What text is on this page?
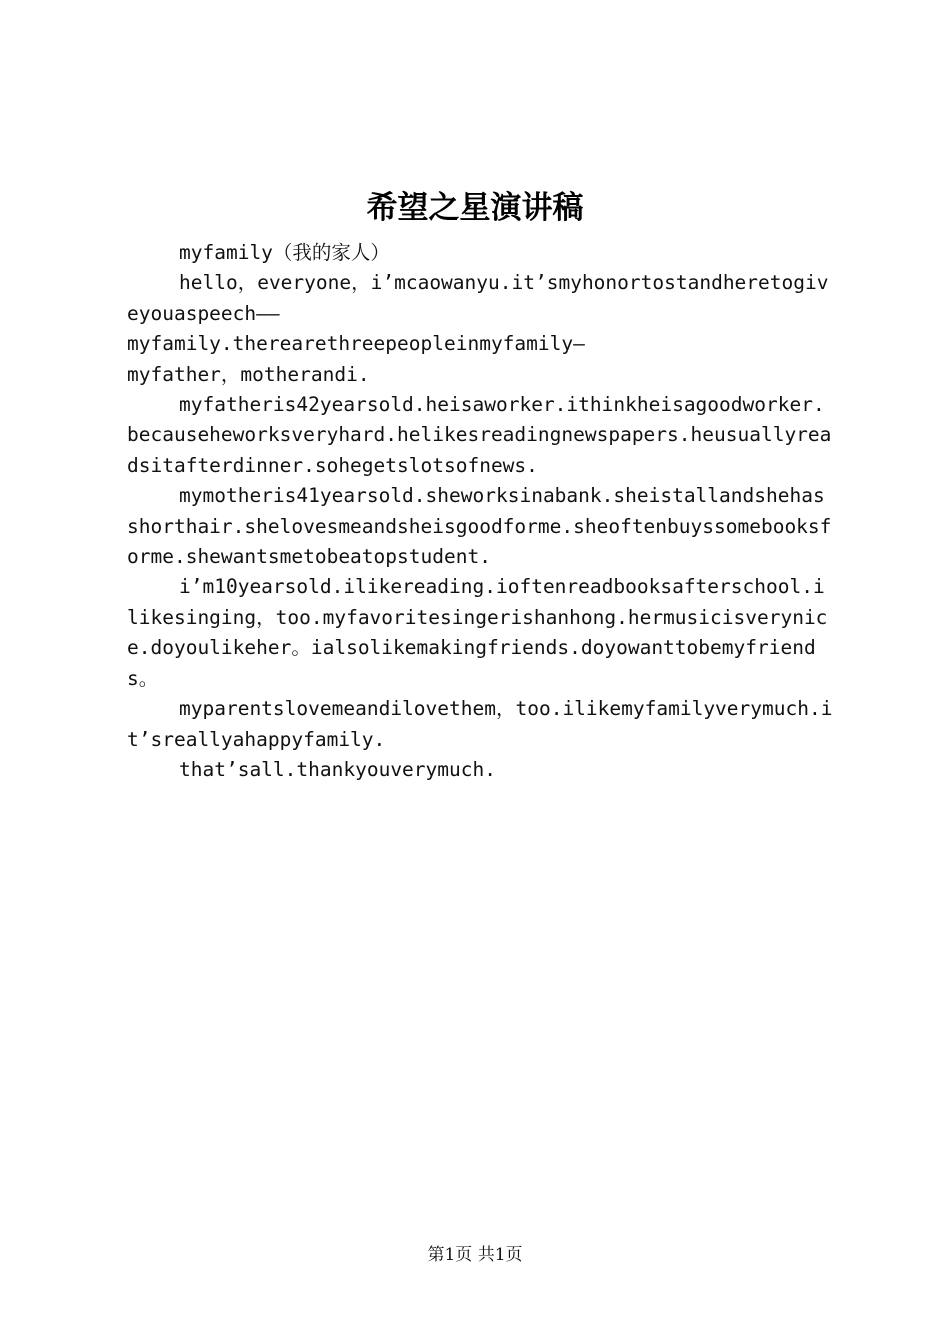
希望之星演讲稿

myfamily（我的家人）

hello，everyone，i’mcaowanyu.it’smyhonortostandheretogiveyouaspeech——

myfamily.therearethreepeopleinmyfamily—

myfather，motherandi.

myfatheris42yearsold.heisaworker.ithinkheisagoodworker.becauseheworksveryhard.helikesreadingnewspapers.heusuallyreadsitafterdinner.sohegetslotsofnews.

mymotheris41yearsold.sheworksinabank.sheistallandshehasshorthair.shelovesmeandsheisgoodforme.sheoftenbuyssomebooksforme.shewantsmetobeatopstudent.

i’m10yearsold.ilikereading.ioftenreadbooksafterschool.ilikesinging，too.myfavoritesingerishanhong.hermusicisverynice.doyoulikeher。ialsolikemakingfriends.doyowanttobemyfriends。

myparentslovemeandilovethem，too.ilikemyfamilyverymuch.it’sreallyahappyfamily.

that’sall.thankyouverymuch.

第1页 共1页
